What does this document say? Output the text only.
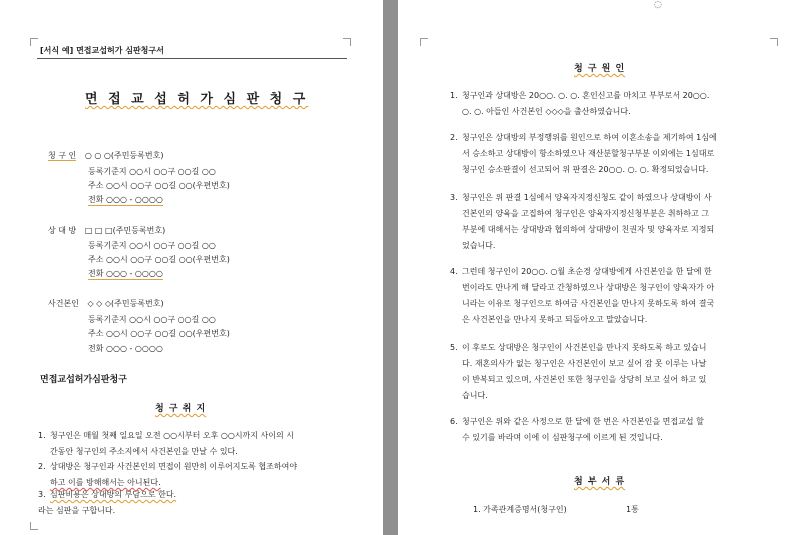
[서식 예] 면접교섭허가 심판청구서
면 접 교 섭 허 가 심 판 청 구
청 구 인 ○ ○ ○(주민등록번호)
등록기준지 ○○시 ○○구 ○○길 ○○
주소 ○○시 ○○구 ○○길 ○○(우편번호)
전화 ○○○ - ○○○○
상 대 방 □ □ □(주민등록번호)
등록기준지 ○○시 ○○구 ○○길 ○○
주소 ○○시 ○○구 ○○길 ○○(우편번호)
전화 ○○○ - ○○○○
사건본인 ◇ ◇ ◇(주민등록번호)
등록기준지 ○○시 ○○구 ○○길 ○○
주소 ○○시 ○○구 ○○길 ○○(우편번호)
전화 ○○○ - ○○○○
면접교섭허가심판청구
청 구 취 지
1. 청구인은 매월 첫째 일요일 오전 ○○시부터 오후 ○○시까지 사이의 시
간동안 청구인의 주소지에서 사건본인을 만날 수 있다.
2. 상대방은 청구인과 사건본인의 면접이 원만히 이루어지도록 협조하여야
하고 이를 방해해서는 아니된다.
3. 심판비용은 상대방의 부담으로 한다.
라는 심판을 구합니다.
◌
청 구 원 인
1. 청구인과 상대방은 20○○. ○. ○. 혼인신고를 마치고 부부로서 20○○.
○. ○. 아들인 사건본인 ◇◇◇을 출산하였습니다.
2. 청구인은 상대방의 부정행위를 원인으로 하여 이혼소송을 제기하여 1심에
서 승소하고 상대방이 항소하였으나 재산분할청구부분 이외에는 1심대로
청구인 승소판결이 선고되어 위 판결은 20○○. ○. ○. 확정되었습니다.
3. 청구인은 위 판결 1심에서 양육자지정신청도 같이 하였으나 상대방이 사
건본인의 양육을 고집하여 청구인은 양육자지정신청부분은 취하하고 그
부분에 대해서는 상대방과 협의하여 상대방이 친권자 및 양육자로 지정되
었습니다.
4. 그런데 청구인이 20○○. ○월 초순경 상대방에게 사건본인을 한 달에 한
번이라도 만나게 해 달라고 간청하였으나 상대방은 청구인이 양육자가 아
니라는 이유로 청구인으로 하여금 사건본인을 만나지 못하도록 하여 결국
은 사건본인을 만나지 못하고 되돌아오고 말았습니다.
5. 이 후로도 상대방은 청구인이 사건본인을 만나지 못하도록 하고 있습니
다. 재혼의사가 없는 청구인은 사건본인이 보고 싶어 잠 못 이루는 나날
이 반복되고 있으며, 사건본인 또한 청구인을 상당히 보고 싶어 하고 있
습니다.
6. 청구인은 위와 같은 사정으로 한 달에 한 번은 사건본인을 면접교섭 할
수 있기를 바라며 이에 이 심판청구에 이르게 된 것입니다.
첨 부 서 류
1. 가족관계증명서(청구인)	1통
